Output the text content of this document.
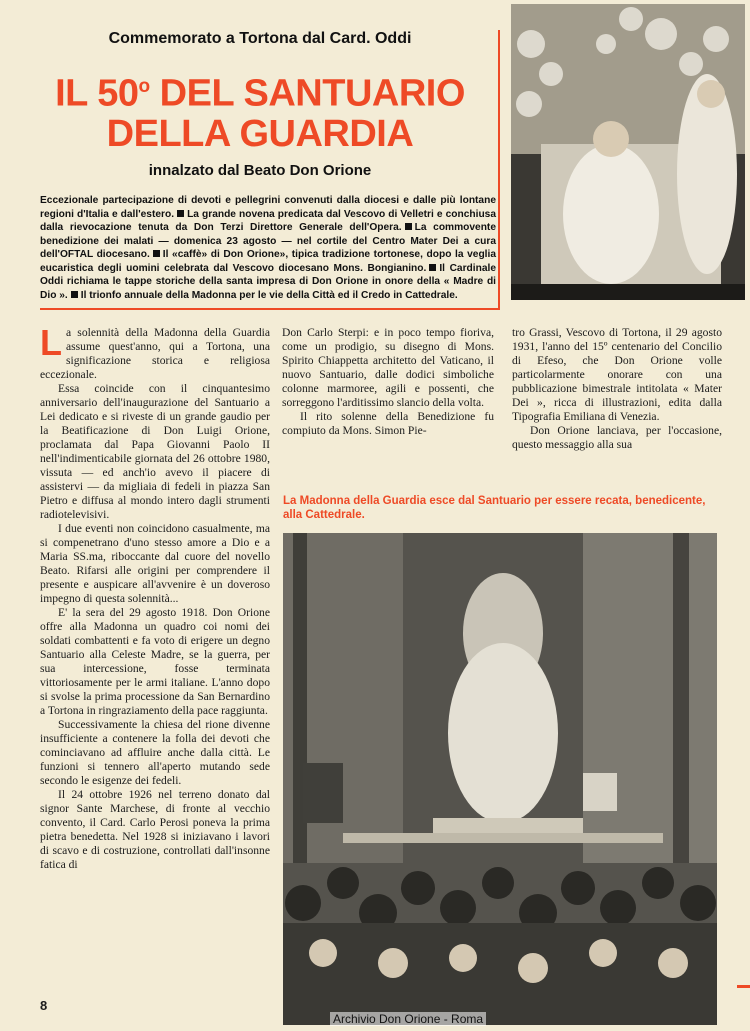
Commemorato a Tortona dal Card. Oddi
IL 50$^o$ DEL SANTUARIO
DELLA GUARDIA
innalzato dal Beato Don Orione
Eccezionale partecipazione di devoti e pellegrini convenuti dalla diocesi e dalle più lontane regioni d'Italia e dall'estero. La grande novena predicata dal Vescovo di Velletri e conchiusa dalla rievocazione tenuta da Don Terzi Direttore Generale dell'Opera. La commovente benedizione dei malati — domenica 23 agosto — nel cortile del Centro Mater Dei a cura dell'OFTAL diocesano. Il «caffè» di Don Orione», tipica tradizione tortonese, dopo la veglia eucaristica degli uomini celebrata dal Vescovo diocesano Mons. Bongianino. Il Cardinale Oddi richiama le tappe storiche della santa impresa di Don Orione in onore della « Madre di Dio ». Il trionfo annuale della Madonna per le vie della Città ed il Credo in Cattedrale.

La solennità della Madonna della Guardia assume quest'anno, qui a Tortona, una significazione storica e religiosa eccezionale.

Essa coincide con il cinquantesimo anniversario dell'inaugurazione del Santuario a Lei dedicato e si riveste di un grande gaudio per la Beatificazione di Don Luigi Orione, proclamata dal Papa Giovanni Paolo II nell'indimenticabile giornata del 26 ottobre 1980, vissuta — ed anch'io avevo il piacere di assistervi — da migliaia di fedeli in piazza San Pietro e diffusa al mondo intero dagli strumenti radiotelevisivi.

I due eventi non coincidono casualmente, ma si compenetrano d'uno stesso amore a Dio e a Maria SS.ma, riboccante dal cuore del novello Beato. Rifarsi alle origini per comprendere il presente e auspicare all'avvenire è un doveroso impegno di questa solennità...

E' la sera del 29 agosto 1918. Don Orione offre alla Madonna un quadro coi nomi dei soldati combattenti e fa voto di erigere un degno Santuario alla Celeste Madre, se la guerra, per sua intercessione, fosse terminata vittoriosamente per le armi italiane. L'anno dopo si svolse la prima processione da San Bernardino a Tortona in ringraziamento della pace raggiunta.

Successivamente la chiesa del rione divenne insufficiente a contenere la folla dei devoti che cominciavano ad affluire anche dalla città. Le funzioni si tennero all'aperto mutando sede secondo le esigenze dei fedeli.

Il 24 ottobre 1926 nel terreno donato dal signor Sante Marchese, di fronte al vecchio convento, il Card. Carlo Perosi poneva la prima pietra benedetta. Nel 1928 si iniziavano i lavori di scavo e di costruzione, controllati dall'insonne fatica di

Don Carlo Sterpi: e in poco tempo fioriva, come un prodigio, su disegno di Mons. Spirito Chiappetta architetto del Vaticano, il nuovo Santuario, dalle dodici simboliche colonne marmoree, agili e possenti, che sorreggono l'arditissimo slancio della volta.

Il rito solenne della Benedizione fu compiuto da Mons. Simon Pie-

tro Grassi, Vescovo di Tortona, il 29 agosto 1931, l'anno del 15º centenario del Concilio di Efeso, che Don Orione volle particolarmente onorare con una pubblicazione bimestrale intitolata « Mater Dei », ricca di illustrazioni, edita dalla Tipografia Emiliana di Venezia.

Don Orione lanciava, per l'occasione, questo messaggio alla sua

La Madonna della Guardia esce dal Santuario per essere recata, benedicente, alla Cattedrale.
8
Archivio Don Orione - Roma
